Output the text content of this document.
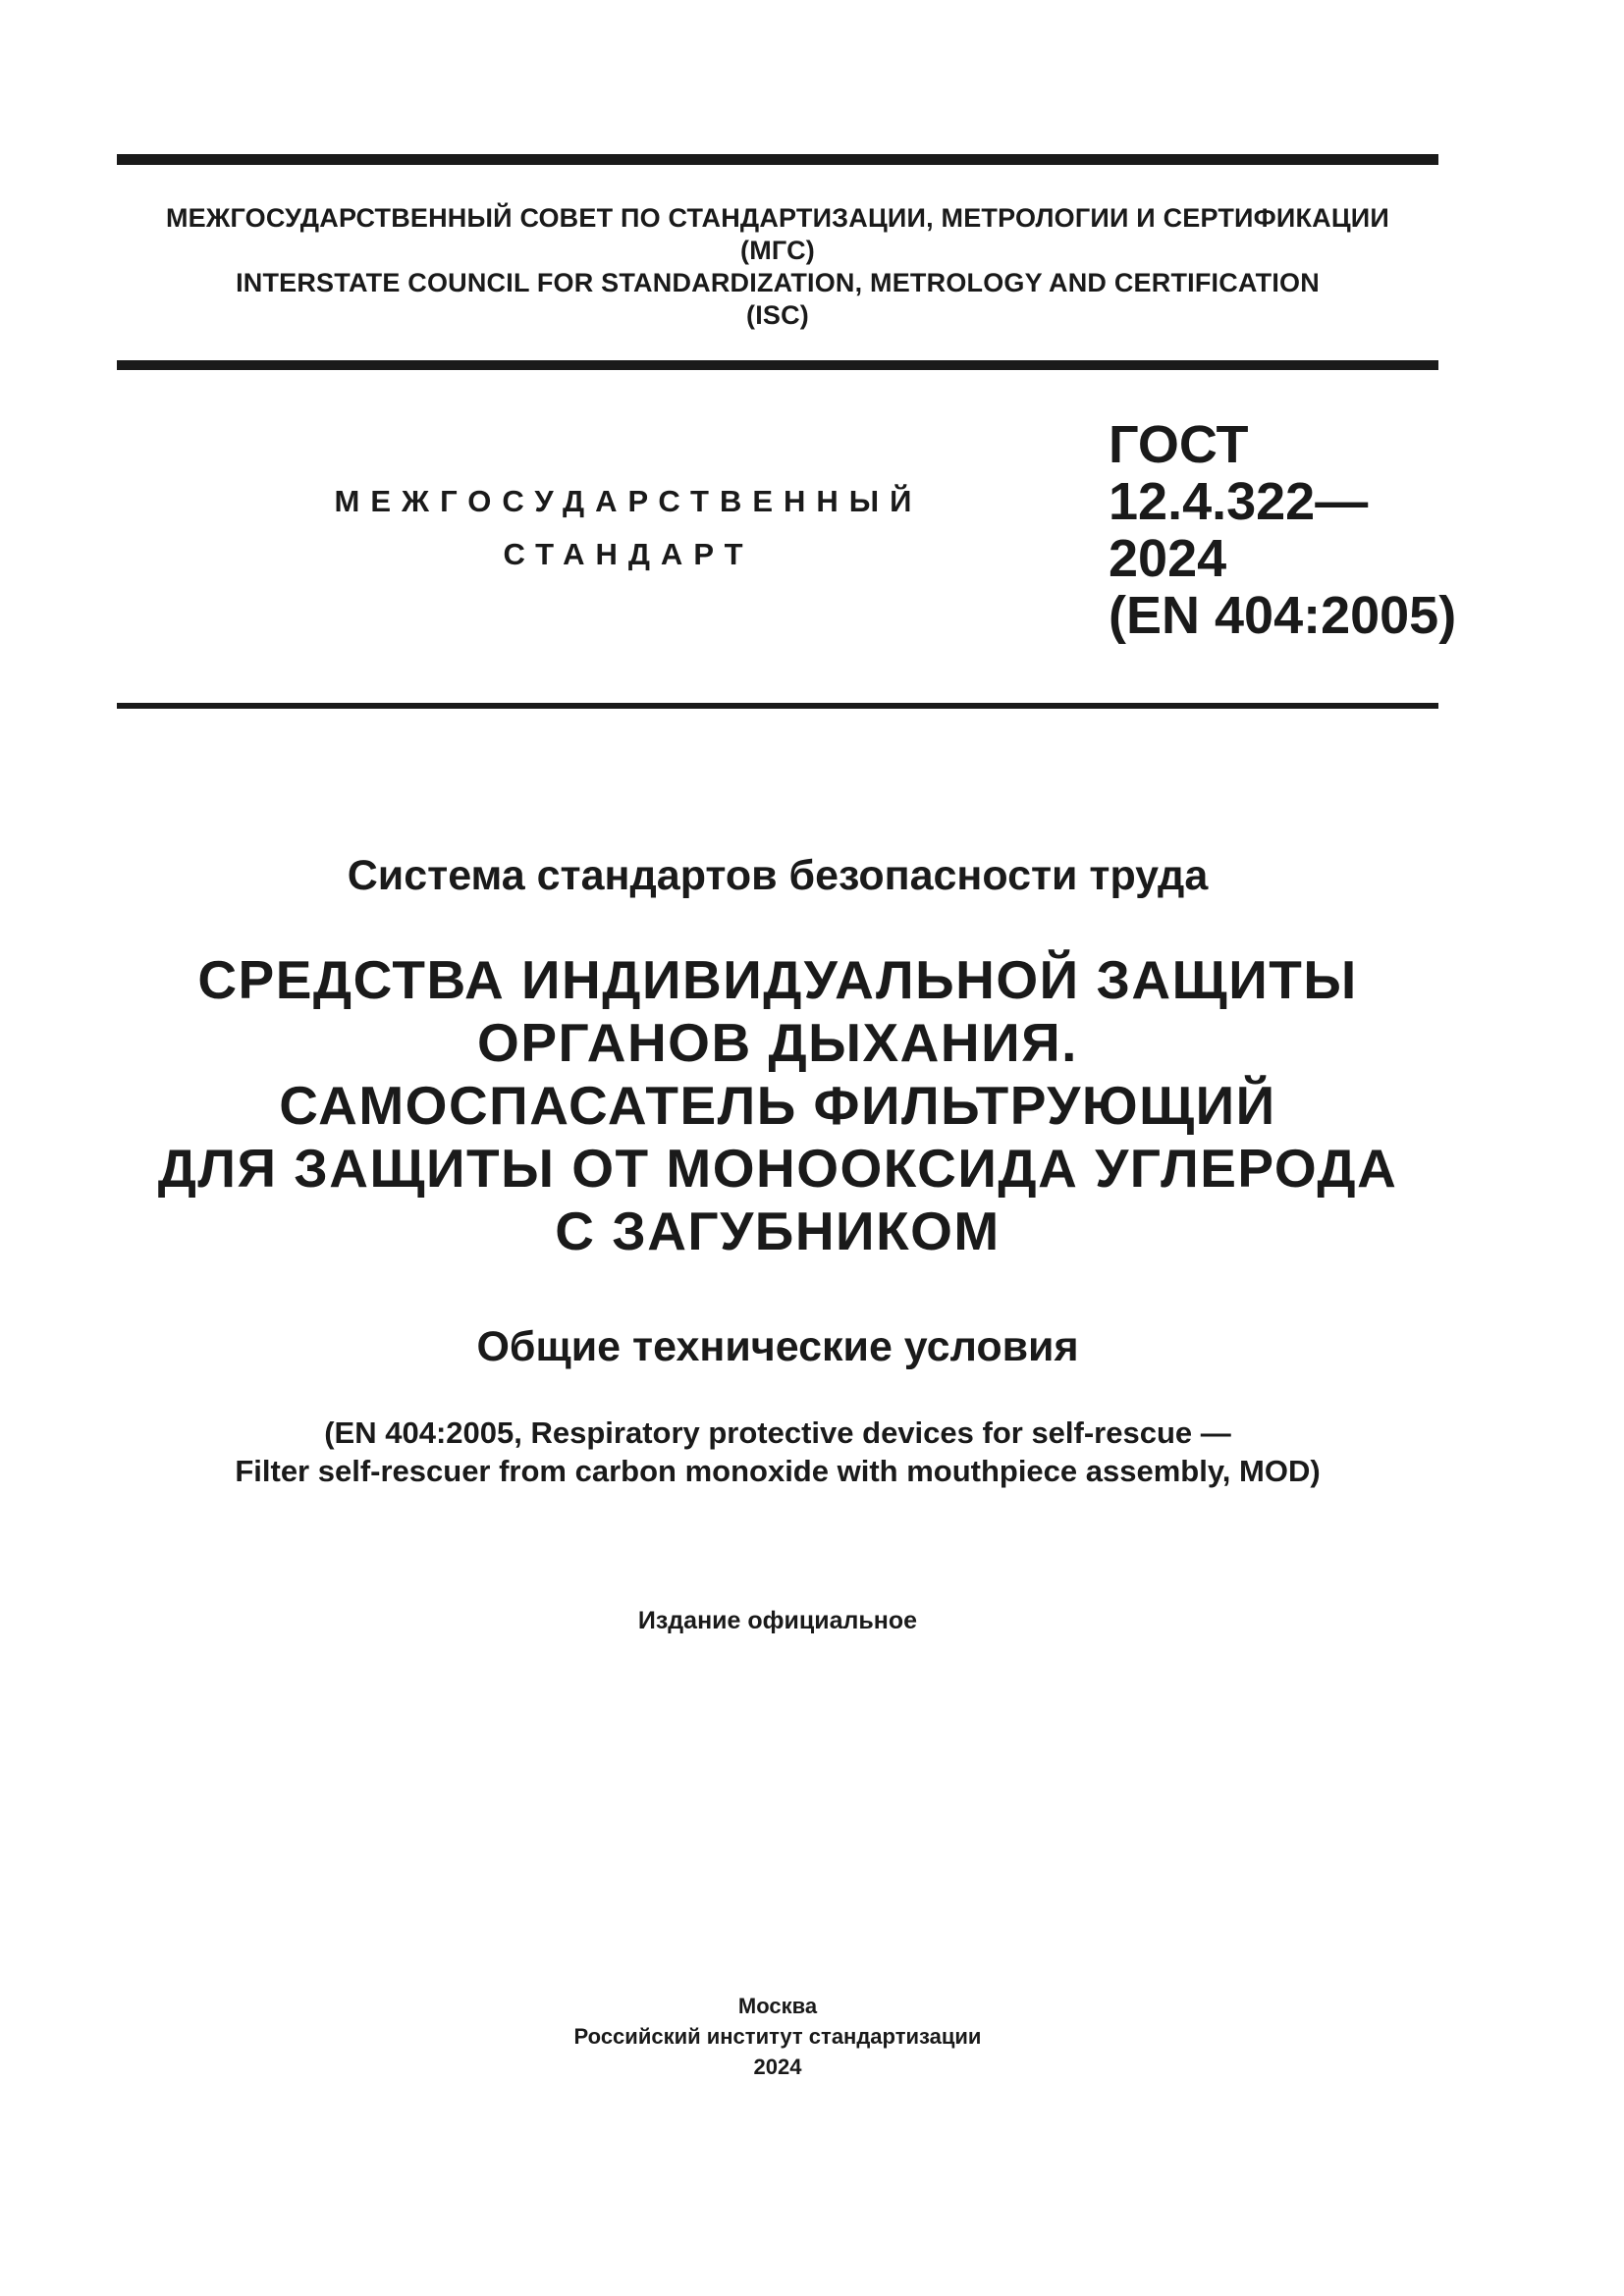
МЕЖГОСУДАРСТВЕННЫЙ СОВЕТ ПО СТАНДАРТИЗАЦИИ, МЕТРОЛОГИИ И СЕРТИФИКАЦИИ
(МГС)
INTERSTATE COUNCIL FOR STANDARDIZATION, METROLOGY AND CERTIFICATION
(ISC)
МЕЖГОСУДАРСТВЕННЫЙ
СТАНДАРТ
ГОСТ
12.4.322—
2024
(EN 404:2005)
Система стандартов безопасности труда
СРЕДСТВА ИНДИВИДУАЛЬНОЙ ЗАЩИТЫ
ОРГАНОВ ДЫХАНИЯ.
САМОСПАСАТЕЛЬ ФИЛЬТРУЮЩИЙ
ДЛЯ ЗАЩИТЫ ОТ МОНООКСИДА УГЛЕРОДА
С ЗАГУБНИКОМ
Общие технические условия
(EN 404:2005, Respiratory protective devices for self-rescue —
Filter self-rescuer from carbon monoxide with mouthpiece assembly, MOD)
Издание официальное
Москва
Российский институт стандартизации
2024
